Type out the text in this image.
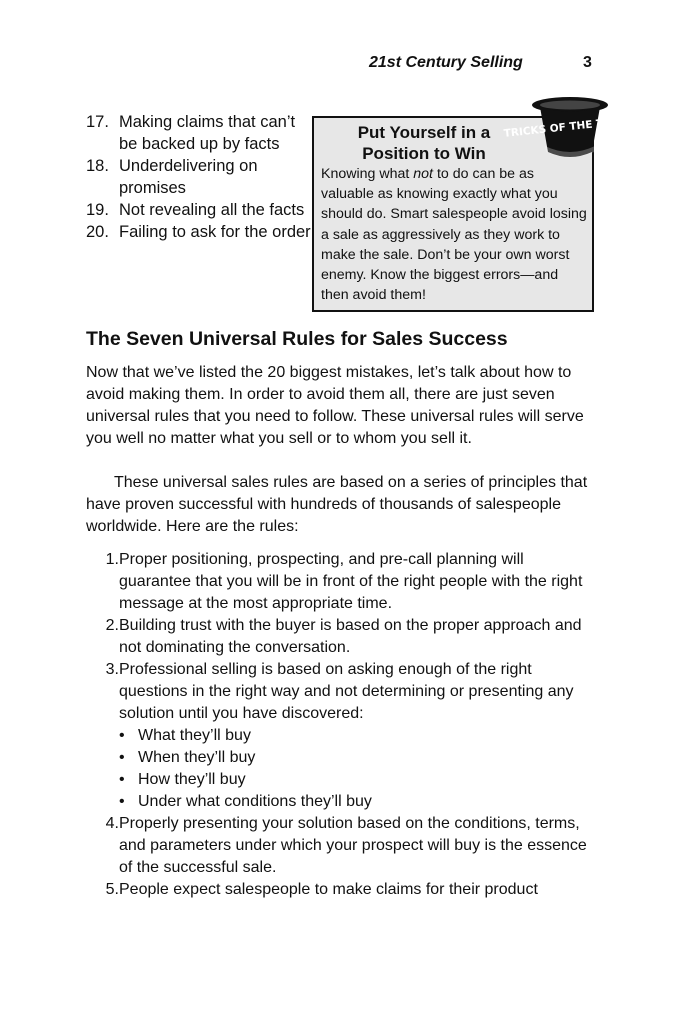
21st Century Selling	3
17. Making claims that can’t be backed up by facts
18. Underdelivering on promises
19. Not revealing all the facts
20. Failing to ask for the order
Put Yourself in a Position to Win

Knowing what not to do can be as valuable as knowing exactly what you should do. Smart salespeople avoid losing a sale as aggressively as they work to make the sale. Don’t be your own worst enemy. Know the biggest errors—and then avoid them!

TRICKS OF THE TRADE
The Seven Universal Rules for Sales Success

Now that we’ve listed the 20 biggest mistakes, let’s talk about how to avoid making them. In order to avoid them all, there are just seven universal rules that you need to follow. These universal rules will serve you well no matter what you sell or to whom you sell it.

These universal sales rules are based on a series of principles that have proven successful with hundreds of thousands of salespeople worldwide. Here are the rules:

1. Proper positioning, prospecting, and pre-call planning will guarantee that you will be in front of the right people with the right message at the most appropriate time.
2. Building trust with the buyer is based on the proper approach and not dominating the conversation.
3. Professional selling is based on asking enough of the right questions in the right way and not determining or presenting any solution until you have discovered:
• What they’ll buy
• When they’ll buy
• How they’ll buy
• Under what conditions they’ll buy
4. Properly presenting your solution based on the conditions, terms, and parameters under which your prospect will buy is the essence of the successful sale.
5. People expect salespeople to make claims for their product
